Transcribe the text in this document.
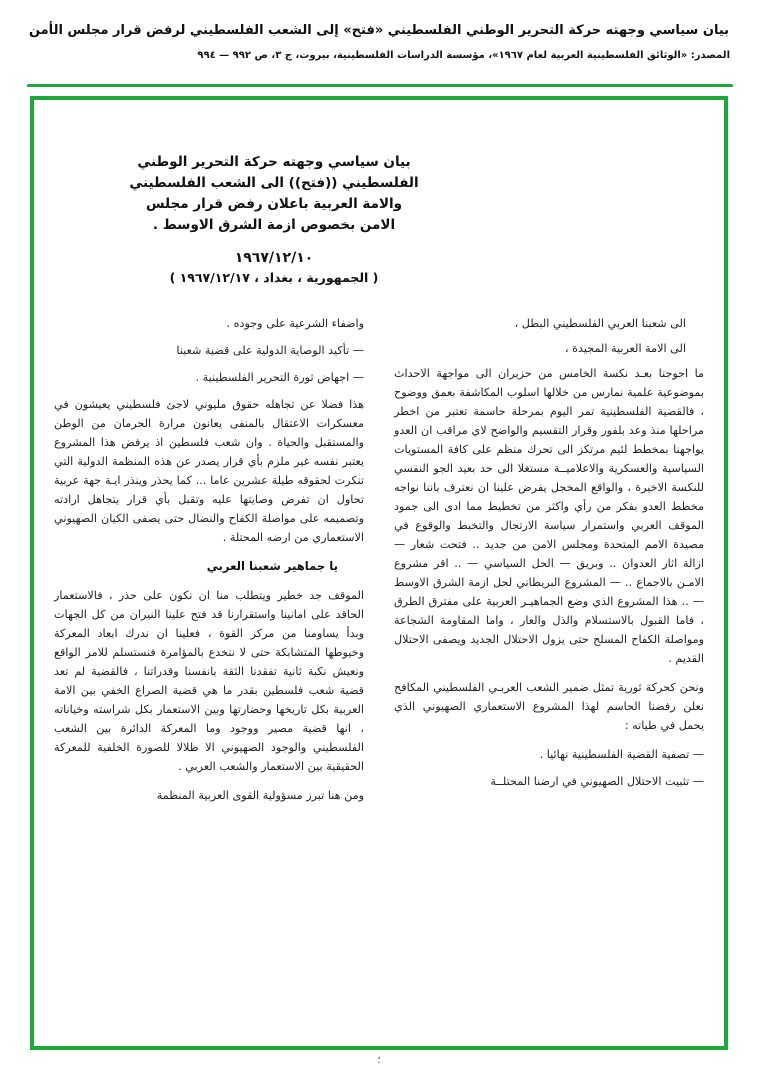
بيان سياسي وجهته حركة التحرير الوطني الفلسطيني «فتح» إلى الشعب الفلسطيني لرفض قرار مجلس الأمن
المصدر: «الوثائق الفلسطينية العربية لعام ١٩٦٧»، مؤسسة الدراسات الفلسطينية، بيروت، ج ٣، ص ٩٩٢ — ٩٩٤
بيان سياسي وجهته حركة التحرير الوطني
الفلسطيني ((فتح)) الى الشعب الفلسطيني
والامة العربية باعلان رفض قرار مجلس
الامن بخصوص ازمة الشرق الاوسط .
١٩٦٧/١٢/١٠
( الجمهورية ، بغداد ، ١٩٦٧/١٢/١٧ )

الى شعبنا العربي الفلسطيني البطل ،

الى الامة العربية المجيدة ،

ما احوجنا بعـد نكسة الخامس من حزيران الى مواجهة الاحداث بموضوعية علمية نمارس من خلالها اسلوب المكاشفة بعمق ووضوح ، فالقضية الفلسطينية تمر اليوم بمرحلة حاسمة تعتبر من اخطر مراحلها منذ وعد بلفور وقرار التقسيم والواضح لاي مراقب ان العدو يواجهنا بمخطط لئيم مرتكز الى تحرك منظم على كافة المستويات السياسية والعسكرية والاعلاميــة مستغلا الى حد بعيد الجو النفسي للنكسة الاخيرة ، والواقع المخجل يفرض علينا ان نعترف باننا نواجه مخطط العدو بفكر من رأي واكثر من تخطيط مما ادى الى جمود الموقف العربي واستمرار سياسة الارتجال والتخبط والوقوع في مصيدة الامم المتحدة ومجلس الامن من جديد .. فتحت شعار — ازالة اثار العدوان .. وبريق — الحل السياسي — .. اقر مشروع الامـن بالاجماع .. — المشروع البريطاني لحل ازمة الشرق الاوسط — .. هذا المشروع الذي وضع الجماهيـر العربية على مفترق الطرق ، فاما القبول بالاستسلام والذل والعار ، واما المقاومة الشجاعة ومواصلة الكفاح المسلح حتى يزول الاحتلال الجديد ويصفى الاحتلال القديم .

ونحن كحركة ثورية تمثل ضمير الشعب العربـي الفلسطيني المكافح نعلن رفضنا الحاسم لهذا المشروع الاستعماري الصهيوني الذي يحمل في طياته :

— تصفية القضية الفلسطينية نهائيا .

— تثبيت الاحتلال الصهيوني في ارضنا المحتلــة

واضفاء الشرعية على وجوده .

— تأكيد الوصاية الدولية على قضية شعبنا

— اجهاض ثورة التحرير الفلسطينية .

هذا فضلا عن تجاهله حقوق مليوني لاجئ فلسطيني يعيشون في معسكرات الاعتقال بالمنفى يعانون مرارة الحرمان من الوطن والمستقبل والحياة . وان شعب فلسطين اذ يرفض هذا المشروع يعتبر نفسه غير ملزم بأي قرار يصدر عن هذه المنظمة الدولية التي تنكرت لحقوقه طيلة عشرين عاما ... كما يحذر وينذر ايـة جهة عربية تحاول ان تفرض وصايتها عليه وتقبل بأي قرار يتجاهل ارادته وتصميمه على مواصلة الكفاح والنضال حتى يصفى الكيان الصهيوني الاستعماري من ارضه المحتلة .

يا جماهير شعبنا العربي

الموقف جد خطير ويتطلب منا ان نكون على حذر ، فالاستعمار الحاقد على امانينا واستقرارنا قد فتح علينا النيران من كل الجهات وبدأ يساومنا من مركز القوة ، فعلينا ان ندرك ابعاد المعركة وخيوطها المتشابكة حتى لا ننخدع بالمؤامرة فنستسلم للامر الواقع ونعيش نكبة ثانية تفقدنا الثقة بانفسنا وقدراتنا ، فالقضية لم تعد قضية شعب فلسطين بقدر ما هي قضية الصراع الخفي بين الامة العربية بكل تاريخها وحضارتها وبين الاستعمار بكل شراسته وخياناته ، انها قضية مصير ووجود وما المعركة الدائرة بين الشعب الفلسطيني والوجود الصهيوني الا ظلالا للصورة الخلفية للمعركة الحقيقية بين الاستعمار والشعب العربي .

ومن هنا تبرز مسؤولية القوى العربية المنظمة

؛
